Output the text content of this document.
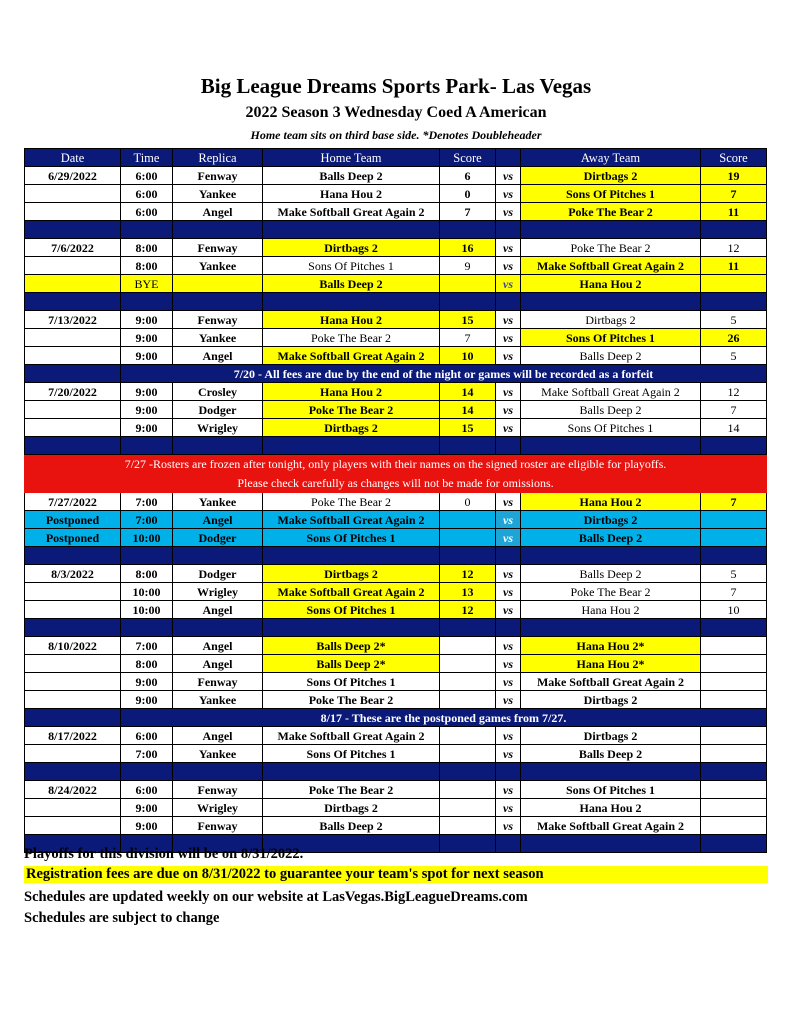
Big League Dreams Sports Park- Las Vegas
2022 Season 3 Wednesday Coed A American
Home team sits on third base side. *Denotes Doubleheader
Date	Time	Replica	Home Team	Score		Away Team	Score
6/29/2022	6:00	Fenway	Balls Deep 2	6	vs	Dirtbags 2	19
	6:00	Yankee	Hana Hou 2	0	vs	Sons Of Pitches 1	7
	6:00	Angel	Make Softball Great Again 2	7	vs	Poke The Bear 2	11

7/6/2022	8:00	Fenway	Dirtbags 2	16	vs	Poke The Bear 2	12
	8:00	Yankee	Sons Of Pitches 1	9	vs	Make Softball Great Again 2	11
	BYE		Balls Deep 2		vs	Hana Hou 2	

7/13/2022	9:00	Fenway	Hana Hou 2	15	vs	Dirtbags 2	5
	9:00	Yankee	Poke The Bear 2	7	vs	Sons Of Pitches 1	26
	9:00	Angel	Make Softball Great Again 2	10	vs	Balls Deep 2	5
	7/20 - All fees are due by the end of the night or games will be recorded as a forfeit						
7/20/2022	9:00	Crosley	Hana Hou 2	14	vs	Make Softball Great Again 2	12
	9:00	Dodger	Poke The Bear 2	14	vs	Balls Deep 2	7
	9:00	Wrigley	Dirtbags 2	15	vs	Sons Of Pitches 1	14

7/27 -Rosters are frozen after tonight, only players with their names on the signed roster are eligible for playoffs.							
Please check carefully as changes will not be made for omissions.							
7/27/2022	7:00	Yankee	Poke The Bear 2	0	vs	Hana Hou 2	7
Postponed	7:00	Angel	Make Softball Great Again 2		vs	Dirtbags 2	
Postponed	10:00	Dodger	Sons Of Pitches 1		vs	Balls Deep 2	

8/3/2022	8:00	Dodger	Dirtbags 2	12	vs	Balls Deep 2	5
	10:00	Wrigley	Make Softball Great Again 2	13	vs	Poke The Bear 2	7
	10:00	Angel	Sons Of Pitches 1	12	vs	Hana Hou 2	10

8/10/2022	7:00	Angel	Balls Deep 2*		vs	Hana Hou 2*	
	8:00	Angel	Balls Deep 2*		vs	Hana Hou 2*	
	9:00	Fenway	Sons Of Pitches 1		vs	Make Softball Great Again 2	
	9:00	Yankee	Poke The Bear 2		vs	Dirtbags 2	
	8/17 - These are the postponed games from 7/27.						
8/17/2022	6:00	Angel	Make Softball Great Again 2		vs	Dirtbags 2	
	7:00	Yankee	Sons Of Pitches 1		vs	Balls Deep 2	

8/24/2022	6:00	Fenway	Poke The Bear 2		vs	Sons Of Pitches 1	
	9:00	Wrigley	Dirtbags 2		vs	Hana Hou 2	
	9:00	Fenway	Balls Deep 2		vs	Make Softball Great Again 2	

Playoffs for this division will be on 8/31/2022.
Registration fees are due on 8/31/2022 to guarantee your team's spot for next season
Schedules are updated weekly on our website at LasVegas.BigLeagueDreams.com
Schedules are subject to change
